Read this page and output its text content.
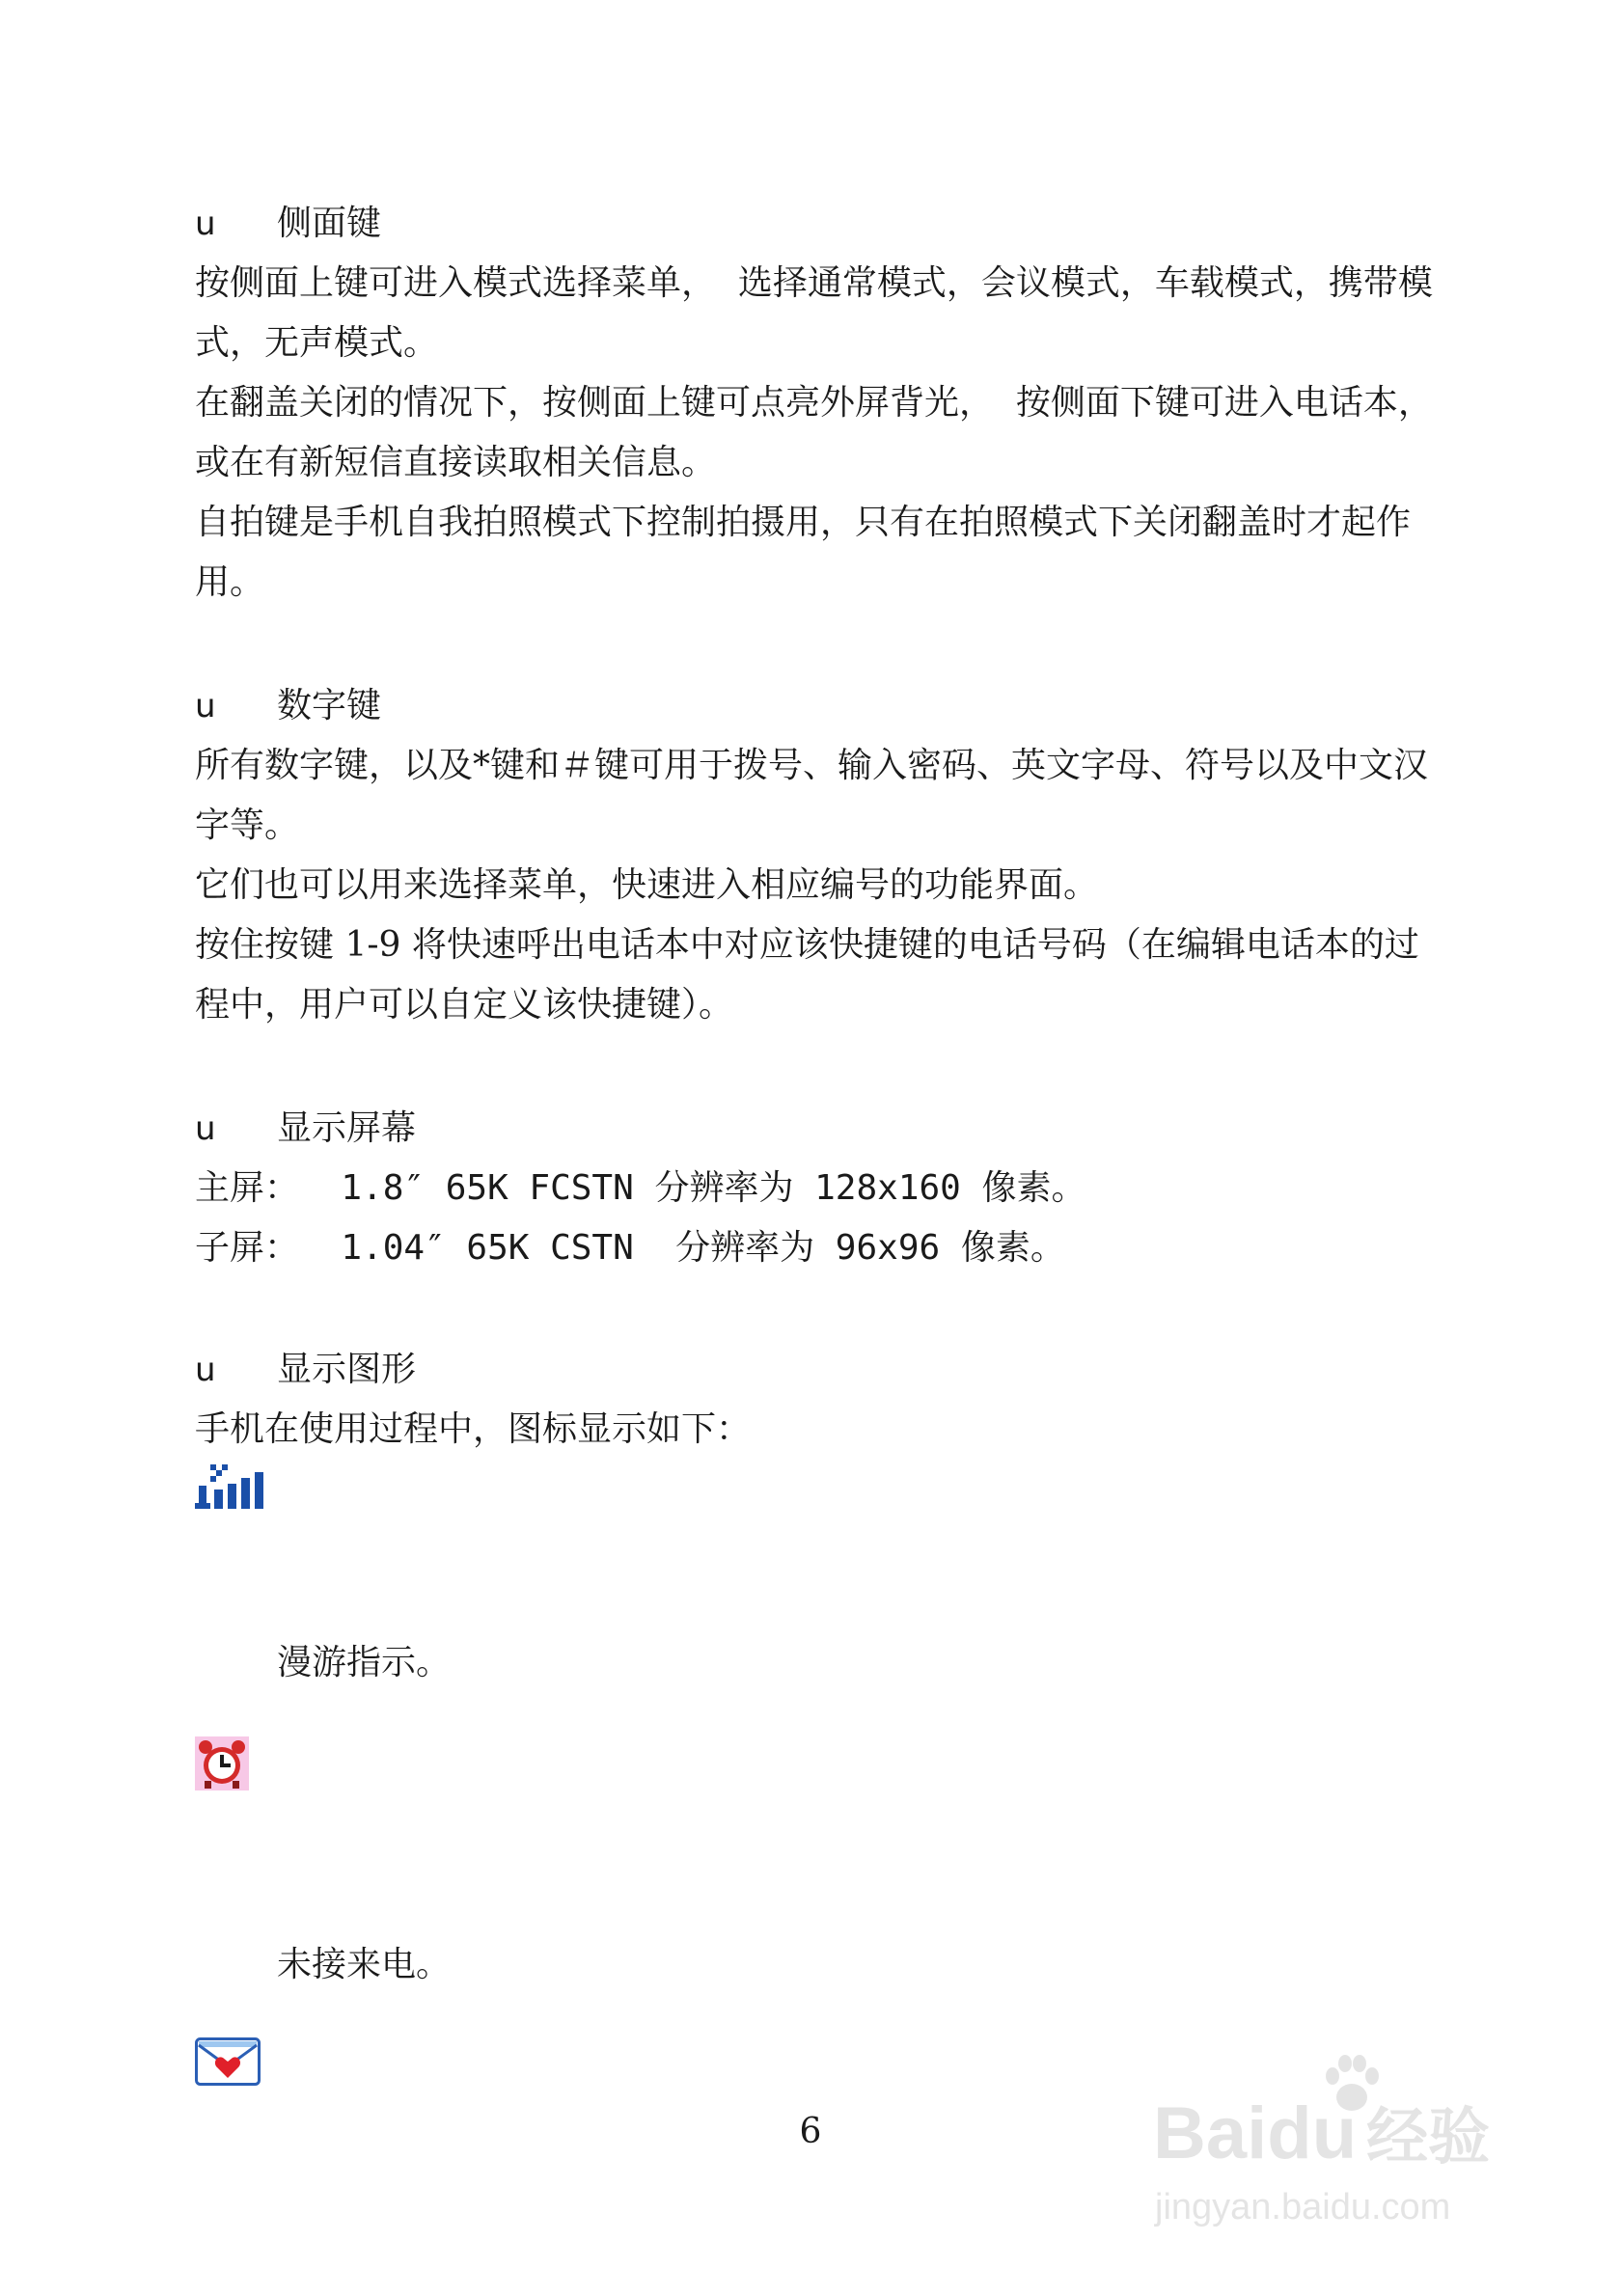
u 侧面键

按侧面上键可进入模式选择菜单，  选择通常模式，会议模式，车载模式，携带模

式，无声模式。

在翻盖关闭的情况下，按侧面上键可点亮外屏背光，  按侧面下键可进入电话本，

或在有新短信直接读取相关信息。

自拍键是手机自我拍照模式下控制拍摄用，只有在拍照模式下关闭翻盖时才起作

用。

u 数字键

所有数字键，以及*键和＃键可用于拨号、输入密码、英文字母、符号以及中文汉

字等。

它们也可以用来选择菜单，快速进入相应编号的功能界面。

按住按键 1-9 将快速呼出电话本中对应该快捷键的电话号码（在编辑电话本的过

程中，用户可以自定义该快捷键）。

u 显示屏幕

主屏：  1.8″ 65K FCSTN 分辨率为 128x160 像素。

子屏：  1.04″ 65K CSTN  分辨率为 96x96 像素。

u 显示图形

手机在使用过程中，图标显示如下：

漫游指示。
未接来电。
6	Baidu 经验
jingyan.baidu.com
